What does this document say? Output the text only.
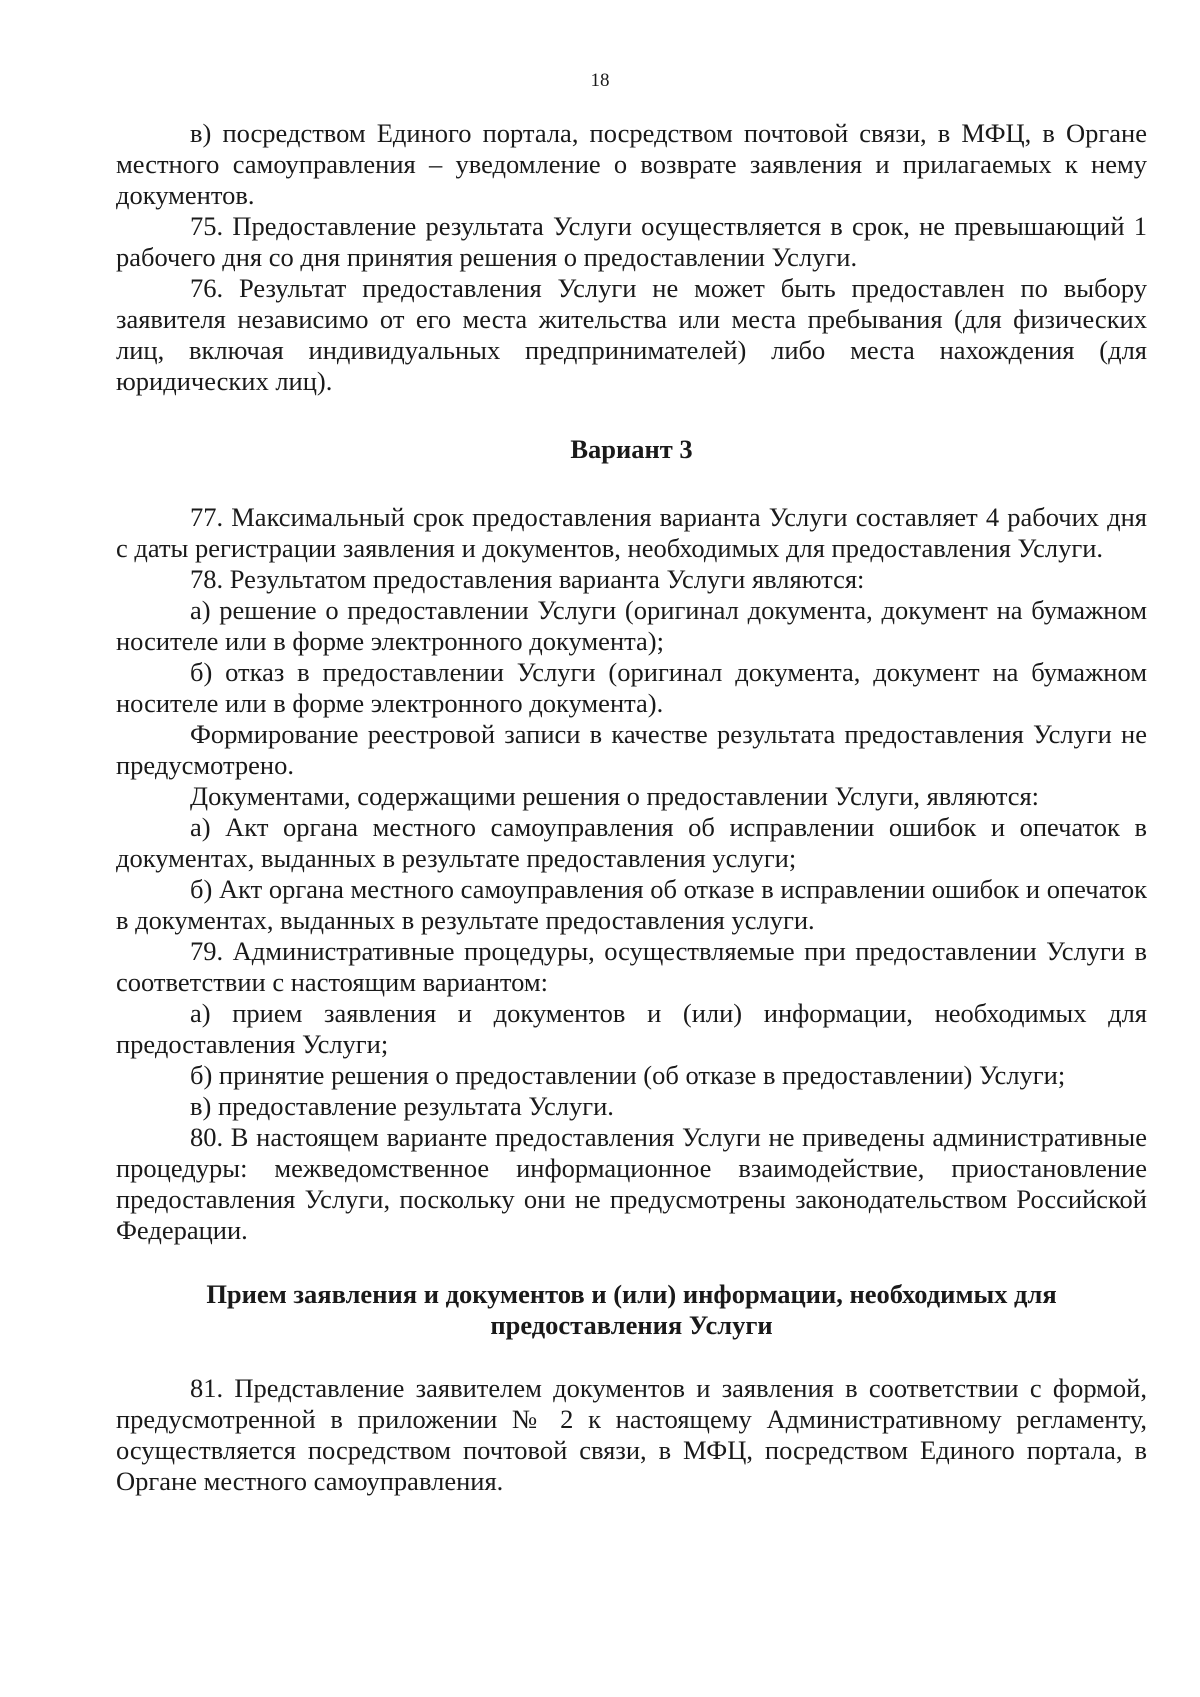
18

в) посредством Единого портала, посредством почтовой связи, в МФЦ, в Органе местного самоуправления – уведомление о возврате заявления и прилагаемых к нему документов.

75. Предоставление результата Услуги осуществляется в срок, не превышающий 1 рабочего дня со дня принятия решения о предоставлении Услуги.

76. Результат предоставления Услуги не может быть предоставлен по выбору заявителя независимо от его места жительства или места пребывания (для физических лиц, включая индивидуальных предпринимателей) либо места нахождения (для юридических лиц).

Вариант 3

77. Максимальный срок предоставления варианта Услуги составляет 4 рабочих дня с даты регистрации заявления и документов, необходимых для предоставления Услуги.

78. Результатом предоставления варианта Услуги являются:

а) решение о предоставлении Услуги (оригинал документа, документ на бумажном носителе или в форме электронного документа);

б) отказ в предоставлении Услуги (оригинал документа, документ на бумажном носителе или в форме электронного документа).

Формирование реестровой записи в качестве результата предоставления Услуги не предусмотрено.

Документами, содержащими решения о предоставлении Услуги, являются:

а) Акт органа местного самоуправления об исправлении ошибок и опечаток в документах, выданных в результате предоставления услуги;

б) Акт органа местного самоуправления об отказе в исправлении ошибок и опечаток в документах, выданных в результате предоставления услуги.

79. Административные процедуры, осуществляемые при предоставлении Услуги в соответствии с настоящим вариантом:

а) прием заявления и документов и (или) информации, необходимых для предоставления Услуги;

б) принятие решения о предоставлении (об отказе в предоставлении) Услуги;

в) предоставление результата Услуги.

80. В настоящем варианте предоставления Услуги не приведены административные процедуры: межведомственное информационное взаимодействие, приостановление предоставления Услуги, поскольку они не предусмотрены законодательством Российской Федерации.

Прием заявления и документов и (или) информации, необходимых для предоставления Услуги

81. Представление заявителем документов и заявления в соответствии с формой, предусмотренной в приложении № 2 к настоящему Административному регламенту, осуществляется посредством почтовой связи, в МФЦ, посредством Единого портала, в Органе местного самоуправления.
